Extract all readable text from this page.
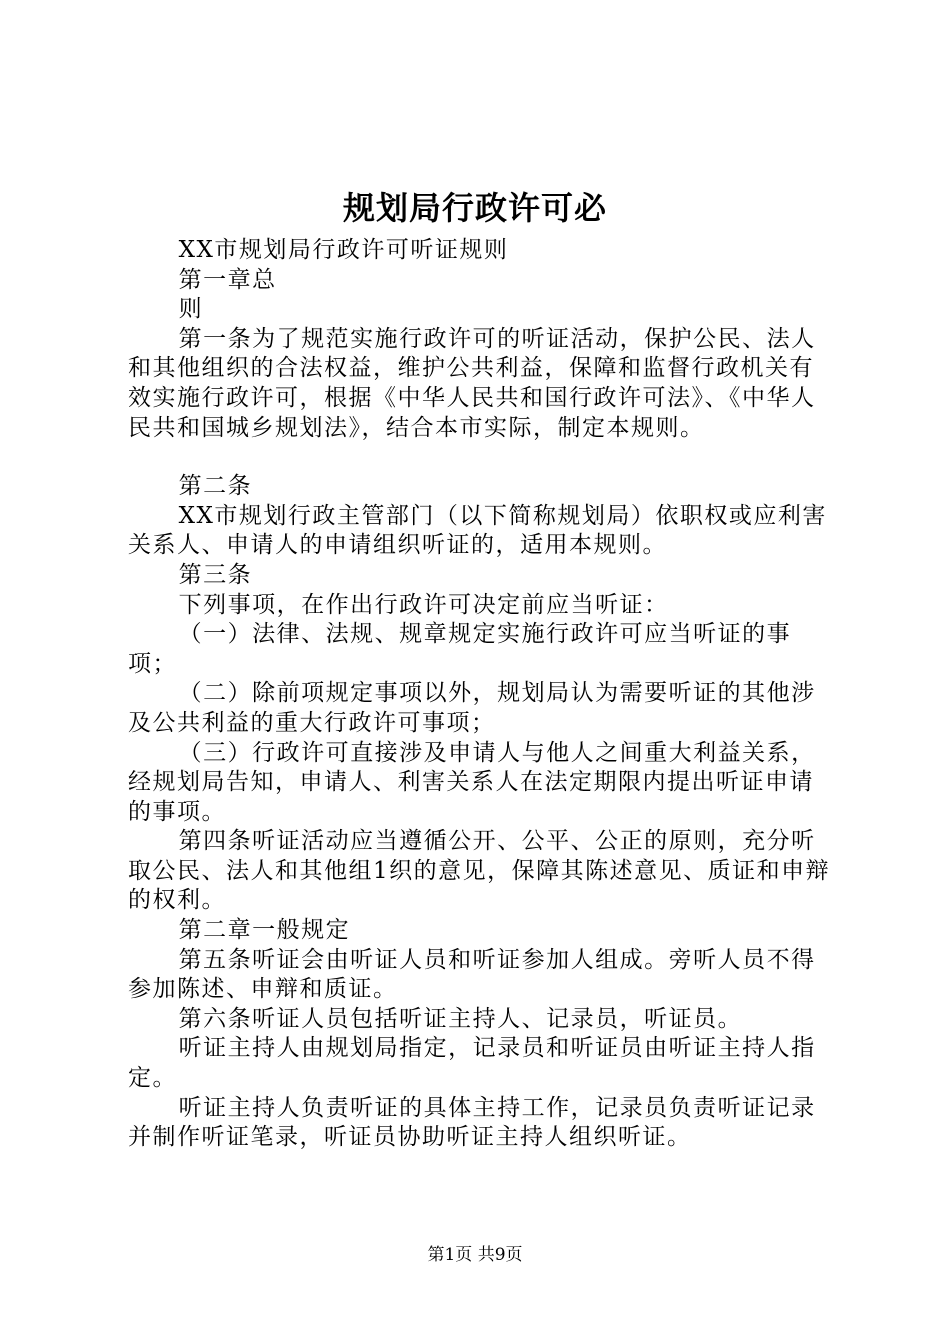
规划局行政许可必

XX市规划局行政许可听证规则

第一章总

则

第一条为了规范实施行政许可的听证活动，保护公民、法人和其他组织的合法权益，维护公共利益，保障和监督行政机关有效实施行政许可，根据《中华人民共和国行政许可法》、《中华人民共和国城乡规划法》，结合本市实际，制定本规则。

第二条

XX市规划行政主管部门（以下简称规划局）依职权或应利害关系人、申请人的申请组织听证的，适用本规则。

第三条

下列事项，在作出行政许可决定前应当听证：

（一）法律、法规、规章规定实施行政许可应当听证的事项；

（二）除前项规定事项以外，规划局认为需要听证的其他涉及公共利益的重大行政许可事项；

（三）行政许可直接涉及申请人与他人之间重大利益关系，经规划局告知，申请人、利害关系人在法定期限内提出听证申请的事项。

第四条听证活动应当遵循公开、公平、公正的原则，充分听取公民、法人和其他组1织的意见，保障其陈述意见、质证和申辩的权利。

第二章一般规定

第五条听证会由听证人员和听证参加人组成。旁听人员不得参加陈述、申辩和质证。

第六条听证人员包括听证主持人、记录员，听证员。

听证主持人由规划局指定，记录员和听证员由听证主持人指定。

听证主持人负责听证的具体主持工作，记录员负责听证记录并制作听证笔录，听证员协助听证主持人组织听证。

第1页 共9页
